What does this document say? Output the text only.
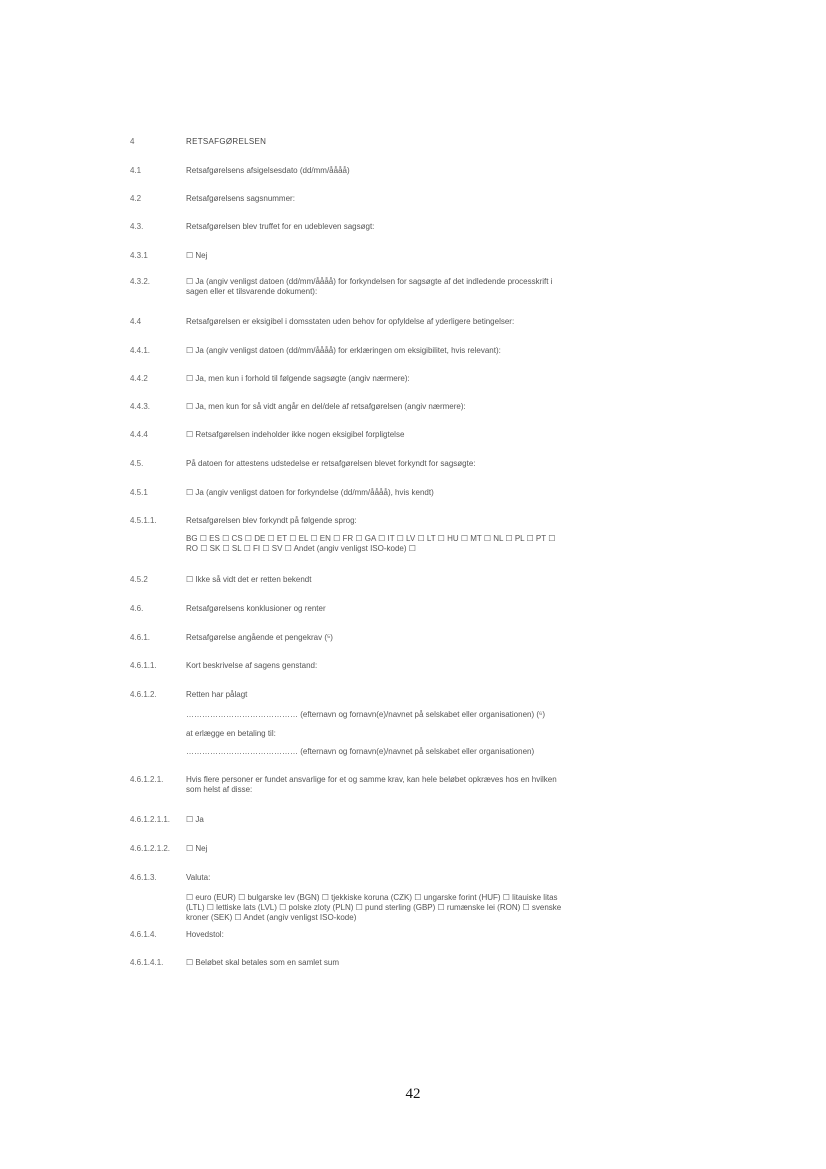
4	RETSAFGØRELSEN
4.1	Retsafgørelsens afsigelsesdato (dd/mm/åååå)
4.2	Retsafgørelsens sagsnummer:
4.3.	Retsafgørelsen blev truffet for en udebleven sagsøgt:
4.3.1	☐ Nej
4.3.2.	☐ Ja (angiv venligst datoen (dd/mm/åååå) for forkyndelsen for sagsøgte af det indledende processkrift i
sagen eller et tilsvarende dokument):
4.4	Retsafgørelsen er eksigibel i domsstaten uden behov for opfyldelse af yderligere betingelser:
4.4.1.	☐ Ja (angiv venligst datoen (dd/mm/åååå) for erklæringen om eksigibilitet, hvis relevant):
4.4.2	☐ Ja, men kun i forhold til følgende sagsøgte (angiv nærmere):
4.4.3.	☐ Ja, men kun for så vidt angår en del/dele af retsafgørelsen (angiv nærmere):
4.4.4	☐ Retsafgørelsen indeholder ikke nogen eksigibel forpligtelse
4.5.	På datoen for attestens udstedelse er retsafgørelsen blevet forkyndt for sagsøgte:
4.5.1	☐ Ja (angiv venligst datoen for forkyndelse (dd/mm/åååå), hvis kendt)
4.5.1.1.	Retsafgørelsen blev forkyndt på følgende sprog:
BG ☐ ES ☐ CS ☐ DE ☐ ET ☐ EL ☐ EN ☐ FR ☐ GA ☐ IT ☐ LV ☐ LT ☐ HU ☐ MT ☐ NL ☐ PL ☐ PT ☐
RO ☐ SK ☐ SL ☐ FI ☐ SV ☐ Andet (angiv venligst ISO-kode) ☐
4.5.2	☐ Ikke så vidt det er retten bekendt
4.6.	Retsafgørelsens konklusioner og renter
4.6.1.	Retsafgørelse angående et pengekrav (⁵)
4.6.1.1.	Kort beskrivelse af sagens genstand:
4.6.1.2.	Retten har pålagt
…………………………………… (efternavn og fornavn(e)/navnet på selskabet eller organisationen) (⁶)
at erlægge en betaling til:
…………………………………… (efternavn og fornavn(e)/navnet på selskabet eller organisationen)
4.6.1.2.1.	Hvis flere personer er fundet ansvarlige for et og samme krav, kan hele beløbet opkræves hos en hvilken
som helst af disse:
4.6.1.2.1.1.	☐ Ja
4.6.1.2.1.2.	☐ Nej
4.6.1.3.	Valuta:
☐ euro (EUR) ☐ bulgarske lev (BGN) ☐ tjekkiske koruna (CZK) ☐ ungarske forint (HUF) ☐ litauiske litas
(LTL) ☐ lettiske lats (LVL) ☐ polske zloty (PLN) ☐ pund sterling (GBP) ☐ rumænske lei (RON) ☐ svenske
kroner (SEK) ☐ Andet (angiv venligst ISO-kode)
4.6.1.4.	Hovedstol:
4.6.1.4.1.	☐ Beløbet skal betales som en samlet sum
42
